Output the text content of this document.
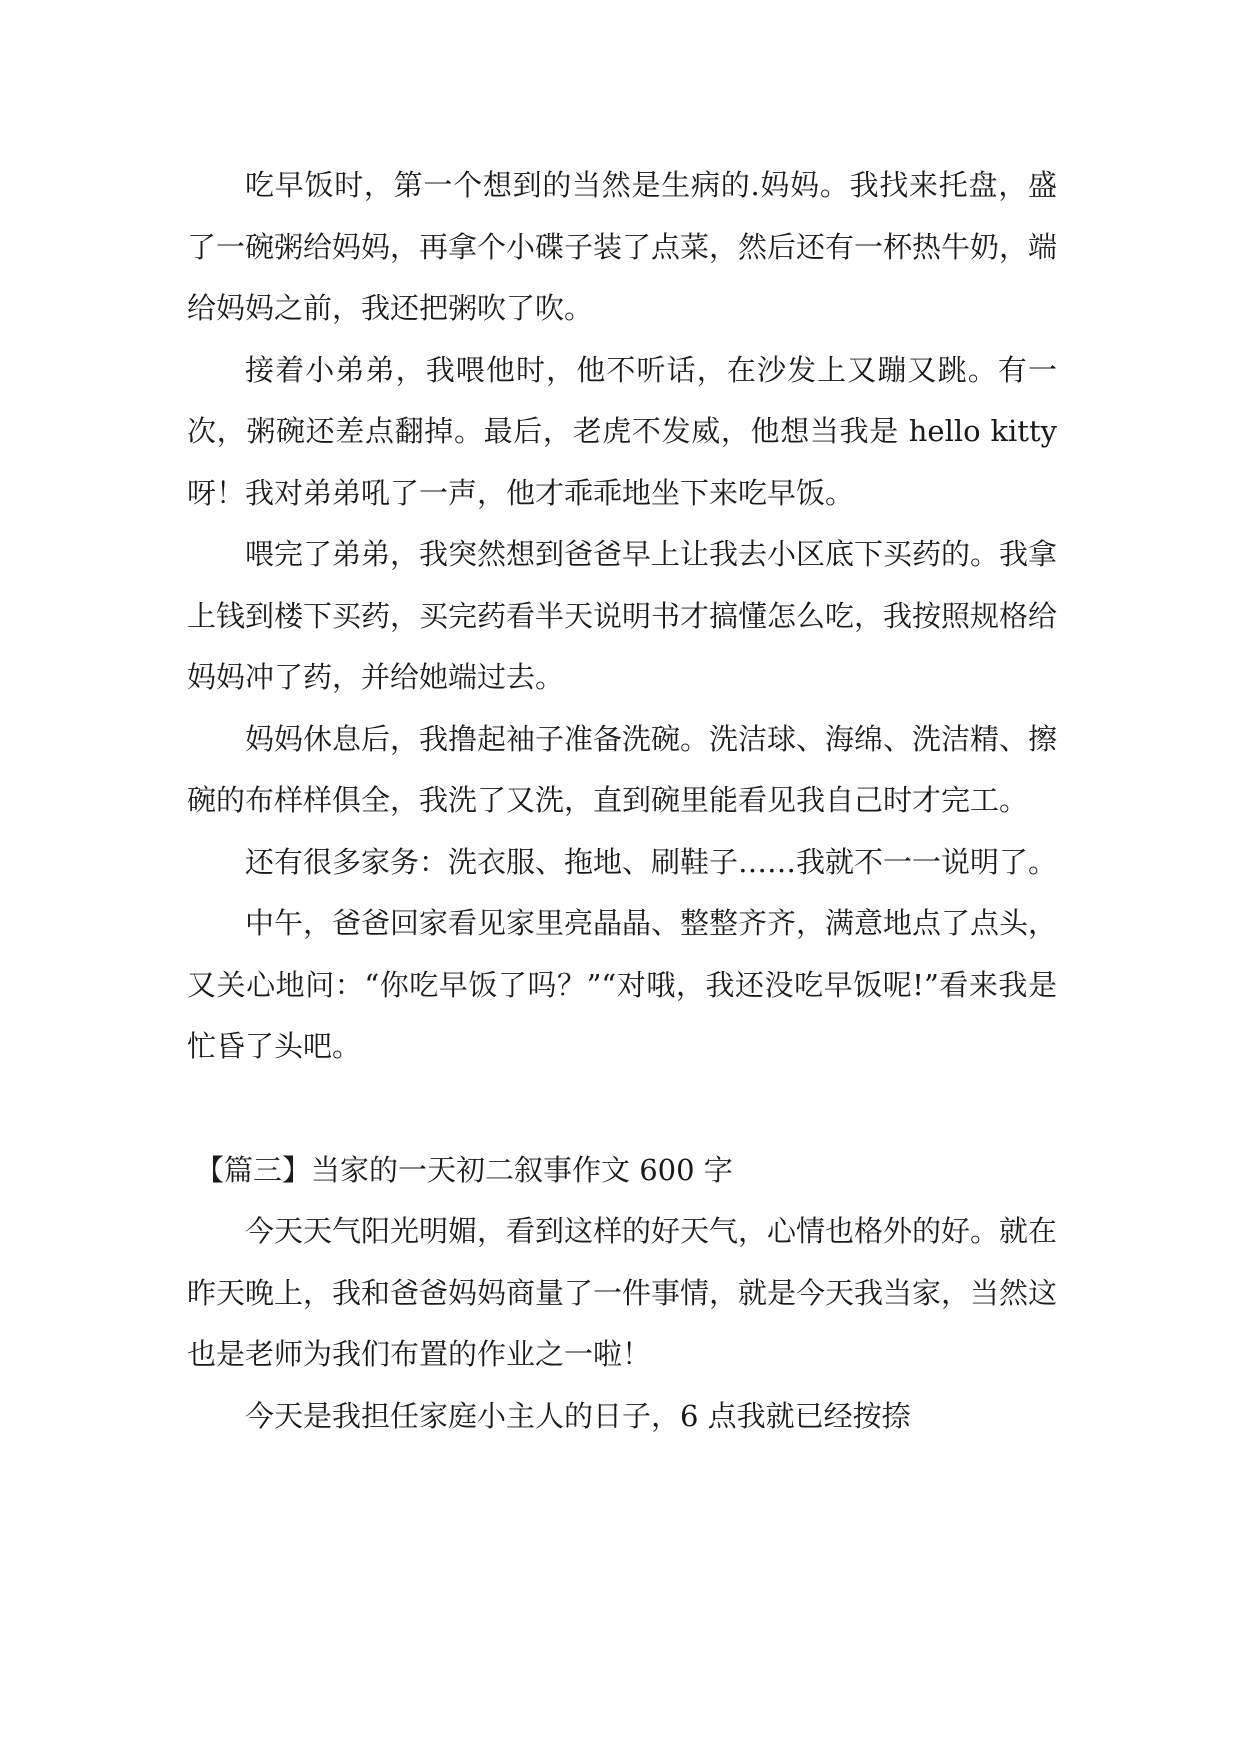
吃早饭时，第一个想到的当然是生病的.妈妈。我找来托盘，盛了一碗粥给妈妈，再拿个小碟子装了点菜，然后还有一杯热牛奶，端给妈妈之前，我还把粥吹了吹。

接着小弟弟，我喂他时，他不听话，在沙发上又蹦又跳。有一次，粥碗还差点翻掉。最后，老虎不发威，他想当我是 hello kitty 呀！我对弟弟吼了一声，他才乖乖地坐下来吃早饭。

喂完了弟弟，我突然想到爸爸早上让我去小区底下买药的。我拿上钱到楼下买药，买完药看半天说明书才搞懂怎么吃，我按照规格给妈妈冲了药，并给她端过去。

妈妈休息后，我撸起袖子准备洗碗。洗洁球、海绵、洗洁精、擦碗的布样样俱全，我洗了又洗，直到碗里能看见我自己时才完工。

还有很多家务：洗衣服、拖地、刷鞋子……我就不一一说明了。

中午，爸爸回家看见家里亮晶晶、整整齐齐，满意地点了点头，又关心地问：“你吃早饭了吗？”“对哦，我还没吃早饭呢!”看来我是忙昏了头吧。

【篇三】当家的一天初二叙事作文 600 字

今天天气阳光明媚，看到这样的好天气，心情也格外的好。就在昨天晚上，我和爸爸妈妈商量了一件事情，就是今天我当家，当然这也是老师为我们布置的作业之一啦！

今天是我担任家庭小主人的日子，6 点我就已经按捺
